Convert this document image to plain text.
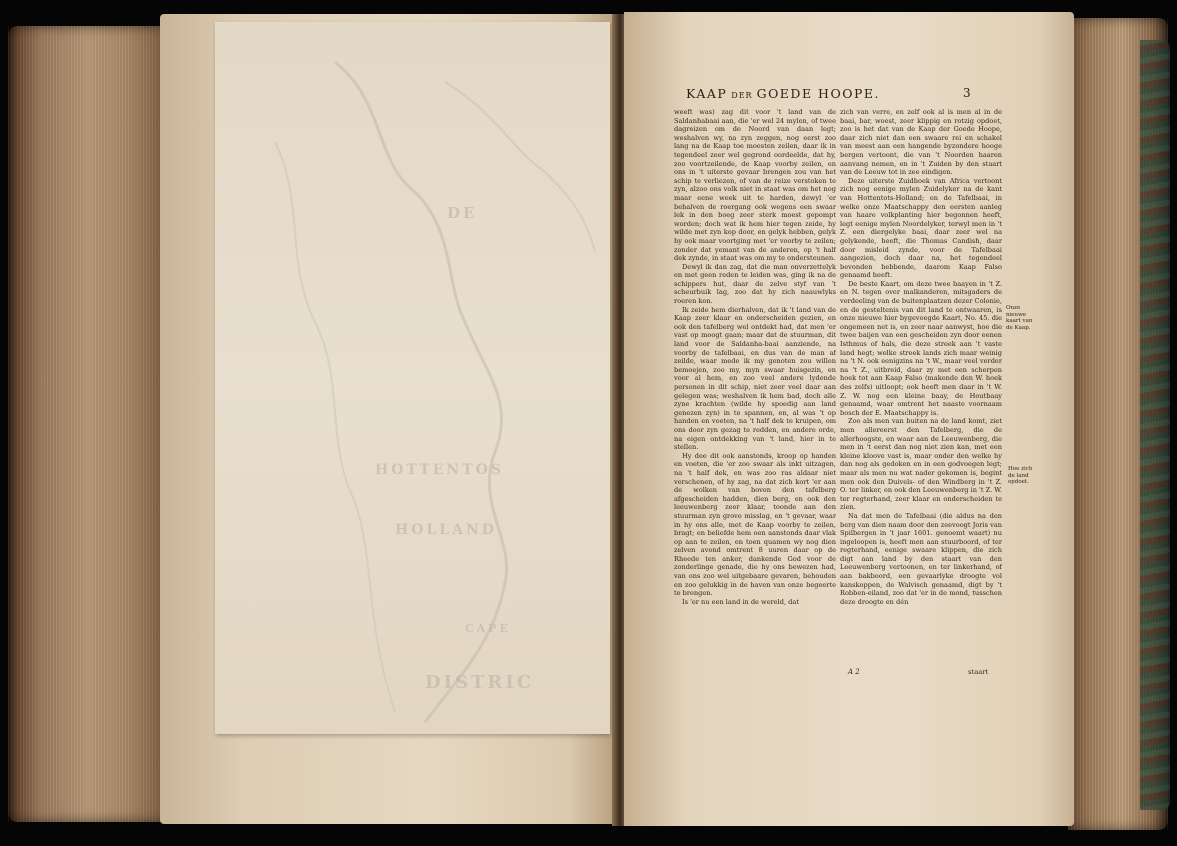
DE
HOTTENTOS
HOLLAND
DISTRIC
CAPE
KAAP DER GOEDE HOOPE.	3

weeft was) zag dit voor 't land van de Saldanhabaai aan, die 'er wel 24 mylen, of twee dagreizen om de Noord van daan legt; weshalven wy, na zyn zeggen, nog eerst zoo lang na de Kaap toe moesten zeilen, daar ik in tegendeel zeer wel gegrond oordeelde, dat hy, zoo voortzeilende, de Kaap voorby zeilen, en ons in 't uiterste gevaar brengen zou van het schip te verliezen, of van de reize verstoken te zyn, alzoo ons volk niet in staat was om het nog maar eene week uit te harden, dewyl 'er behalven de roergang ook wegens een swaar lek in den boeg zeer sterk moest gepompt worden; doch wat ik hem hier tegen zeide, hy wilde met zyn kop door, en gelyk hebben, gelyk hy ook maar voortging met 'er voorby te zeilen; zonder dat yemant van de anderen, op 't half dek zynde, in staat was om my te ondersteunen.

Dewyl ik dan zag, dat die man onverzettelyk en met geen reden te leiden was, ging ik na de schippers hut, daar de zelve styf van 't scheurbuik lag, zoo dat hy zich naauwlyks roeren kon.

Ik zeide hem dierhalven, dat ik 't land van de Kaap zeer klaar en onderscheiden gezien, en ook den tafelberg wel ontdekt had, dat men 'er vast op moogt gaan; maar dat de stuurman, dit land voor de Saldanha-baai aanziende, na voorby de tafelbaai, en dus van de man af zeilde, waar mede ik my genoten zou willen bemoejen, zoo my, myn swaar huisgezin, en voor al hem, en zoo veel andere lydende personen in dit schip, niet zeer veel daar aan gelegen was; weshalven ik hem bad, doch alle zyne krachten (wilde hy spoedig aan land genezen zyn) in te spannen, en, al was 't op handen en voeten, na 't half dek te kruipen, om ons door zyn gezag te redden, en andere orde, na eigen ontdekking van 't land, hier in te stellen.

Hy dee dit ook aanstonds, kroop op handen en voeten, die 'er zoo swaar als inkt uitzagen, na 't half dek, en was zoo ras aldaar niet verschenen, of hy zag, na dat zich kort 'er aan de wolken van boven den tafelberg afgescheiden hadden, dien berg, en ook den leeuwenberg zeer klaar, toonde aan den stuurman zyn grove misslag, en 't gevaar, waar in hy ons alle, met de Kaap voorby te zeilen, bragt; en beliefde hem oen aanstonds daar vlak op aan te zeilen, en toen quamen wy nog dien zelven avond omtrent 8 uuren daar op de Rheede ten anker, dankende God voor de zonderlinge genade, die hy ons bewezen had, van ons zoo wel uitgebaare gevaren, behouden en zoo gelukkig in de haven van onze begeerte te brengen.

Is 'er nu een land in de wereld, dat

zich van verre, en zelf ook al is men al in de baai, bar, woest, zeer klippig en rotzig opdoet, zoo is het dat van de Kaap der Goede Hoope, daar zich niet dan een swaare rei en schakel van meest aan een hangende byzondere hooge bergen vertoont, die van 't Noorden haaren aanvang nemen, en in 't Zuiden by den staart van de Leeuw tot in zee eindigen.

Deze uiterste Zuidhoek van Africa vertoont zich nog eenige mylen Zuidelyker na de kant van Hottentots-Holland; en de Tafelbaai, in welke onze Maatschappy den eersten aanleg van haare volkplanting hier begonnen heeft, legt eenige mylen Noordelyker, terwyl men in 't Z. een diergelyke baai, daar zeer wel na gelykende, heeft, die Thomas Candish, daar door misleid zynde, voor de Tafelbaai aangezien, doch daar na, het tegendeel bevonden hebbende, daarom Kaap Falso genaamd heeft.

De beste Kaart, om deze twee baayen in 't Z. en N. tegen over malkanderen, mitsgaders de verdeeling van de buitenplaatzen dezer Colonie, en de gesteltenis van dit land te ontwaaren, is onze nieuwe hier bygevoegde Kaart, No. 45. die ongemeen net is, en zeer naar aanwyst, hoe die twee baijen van een gescheiden zyn door eenen Isthmus of hals, die deze streek aan 't vaste land hegt; welke streek lands zich maar weinig na 't N. ook eenigzins na 't W., maar veel verder na 't Z., uitbreid, daar zy met een scherpen hoek tot aan Kaap Falso (makende den W. hoek des zelfs) uitloopt; ook heeft men daar in 't W. Z. W. nog een kleine baay, de Houtbaay genaamd, waar omtrent het naaste voornaam bosch der E. Maatschappy is.

Zoo als men van buiten na de land komt, ziet men allereerst den Tafelberg, die de allerhoogste, en waar aan de Leeuwenberg, die men in 't eerst dan nog niet zien kan, met een kleine kloove vast is, maar onder den welke hy dan nog als gedoken en in een godvoegen legt; maar als men nu wat nader gekomen is, begint men ook den Duivels- of den Windberg in 't Z. O. ter linker, en ook den Leeuwenberg in 't Z. W. ter regterhand, zeer klaar en onderscheiden te zien.

Na dat men de Tafelbaai (die aldus na den berg van dien naam door den zeevoogt Joris van Spilbergen in 't jaar 1601. genoemt waart) nu ingeloopen is, heeft men aan stuurboord, of ter regterhand, eenige swaare klippen, die zich digt aan land by den staart van den Leeuwenberg vertoonen, en ter linkerhand, of aan bakboord, een gevaarlyke droogte vol kanskoppen, de Walvisch genaamd, digt by 't Robben-eiland, zoo dat 'er in de mond, tusschen deze droogte en dén

Onze nieuwe kaart van de Kaap.
Hoe zich de land opdoet.
A 2	staart
